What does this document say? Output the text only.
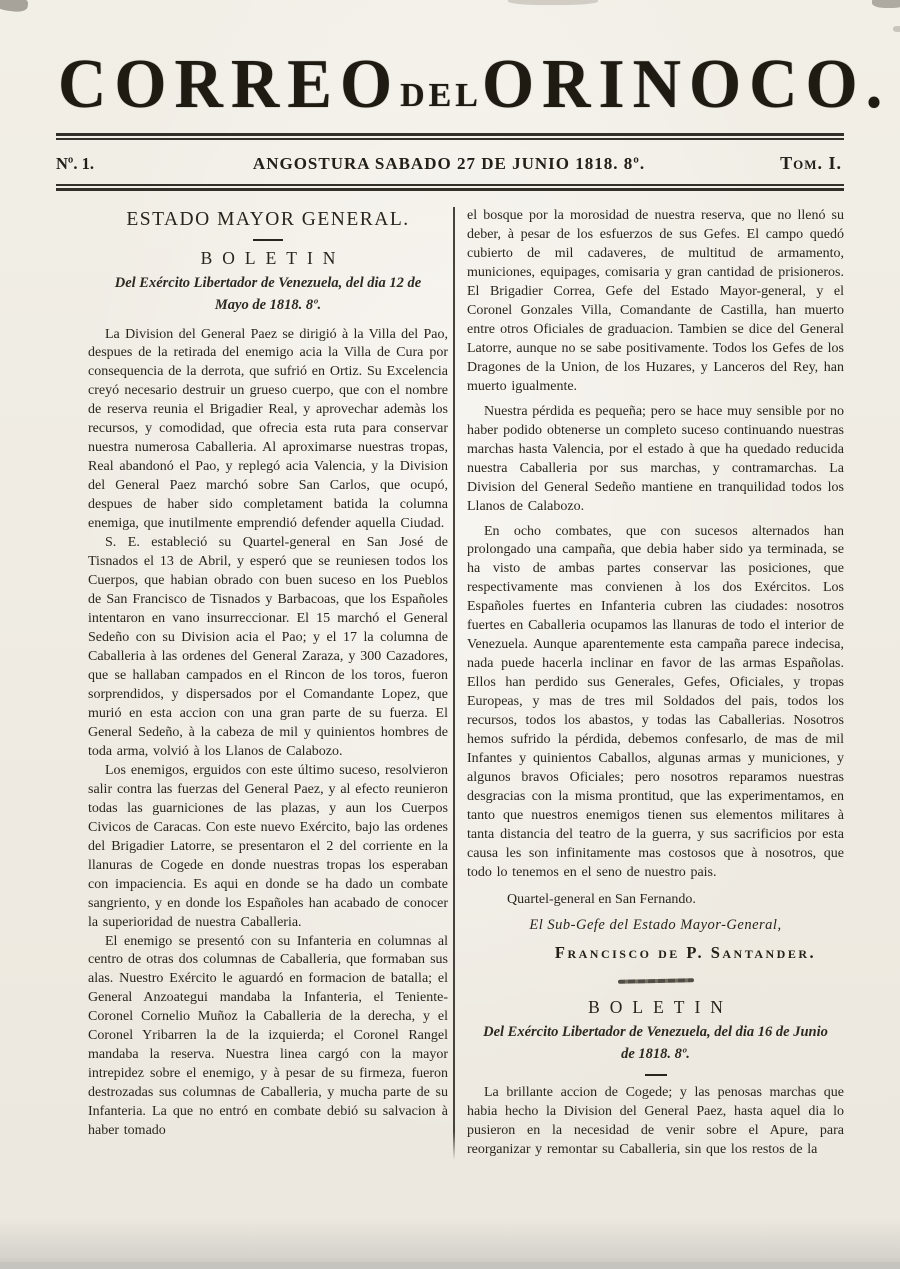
CORREO DEL ORINOCO.
Nº. 1.	ANGOSTURA SABADO 27 DE JUNIO 1818. 8º.	Tom. I.
ESTADO MAYOR GENERAL.
BOLETIN
Del Exército Libertador de Venezuela, del dia 12 de Mayo de 1818. 8º.

La Division del General Paez se dirigió à la Villa del Pao, despues de la retirada del enemigo acia la Villa de Cura por consequencia de la derrota, que sufrió en Ortiz. Su Excelencia creyó necesario destruir un grueso cuerpo, que con el nombre de reserva reunia el Brigadier Real, y aprovechar ademàs los recursos, y comodidad, que ofrecia esta ruta para conservar nuestra numerosa Caballeria. Al aproximarse nuestras tropas, Real abandonó el Pao, y replegó acia Valencia, y la Division del General Paez marchó sobre San Carlos, que ocupó, despues de haber sido completament batida la columna enemiga, que inutilmente emprendió defender aquella Ciudad.

S. E. estableció su Quartel-general en San José de Tisnados el 13 de Abril, y esperó que se reuniesen todos los Cuerpos, que habian obrado con buen suceso en los Pueblos de San Francisco de Tisnados y Barbacoas, que los Españoles intentaron en vano insurreccionar. El 15 marchó el General Sedeño con su Division acia el Pao; y el 17 la columna de Caballeria à las ordenes del General Zaraza, y 300 Cazadores, que se hallaban campados en el Rincon de los toros, fueron sorprendidos, y dispersados por el Comandante Lopez, que murió en esta accion con una gran parte de su fuerza. El General Sedeño, à la cabeza de mil y quinientos hombres de toda arma, volvió à los Llanos de Calabozo.

Los enemigos, erguidos con este último suceso, resolvieron salir contra las fuerzas del General Paez, y al efecto reunieron todas las guarniciones de las plazas, y aun los Cuerpos Civicos de Caracas. Con este nuevo Exército, bajo las ordenes del Brigadier Latorre, se presentaron el 2 del corriente en la llanuras de Cogede en donde nuestras tropas los esperaban con impaciencia. Es aqui en donde se ha dado un combate sangriento, y en donde los Españoles han acabado de conocer la superioridad de nuestra Caballeria.

El enemigo se presentó con su Infanteria en columnas al centro de otras dos columnas de Caballeria, que formaban sus alas. Nuestro Exército le aguardó en formacion de batalla; el General Anzoategui mandaba la Infanteria, el Teniente-Coronel Cornelio Muñoz la Caballeria de la derecha, y el Coronel Yribarren la de la izquierda; el Coronel Rangel mandaba la reserva. Nuestra linea cargó con la mayor intrepidez sobre el enemigo, y à pesar de su firmeza, fueron destrozadas sus columnas de Caballeria, y mucha parte de su Infanteria. La que no entró en combate debió su salvacion à haber tomado

el bosque por la morosidad de nuestra reserva, que no llenó su deber, à pesar de los esfuerzos de sus Gefes. El campo quedó cubierto de mil cadaveres, de multitud de armamento, municiones, equipages, comisaria y gran cantidad de prisioneros. El Brigadier Correa, Gefe del Estado Mayor-general, y el Coronel Gonzales Villa, Comandante de Castilla, han muerto entre otros Oficiales de graduacion. Tambien se dice del General Latorre, aunque no se sabe positivamente. Todos los Gefes de los Dragones de la Union, de los Huzares, y Lanceros del Rey, han muerto igualmente.

Nuestra pérdida es pequeña; pero se hace muy sensible por no haber podido obtenerse un completo suceso continuando nuestras marchas hasta Valencia, por el estado à que ha quedado reducida nuestra Caballeria por sus marchas, y contramarchas. La Division del General Sedeño mantiene en tranquilidad todos los Llanos de Calabozo.

En ocho combates, que con sucesos alternados han prolongado una campaña, que debia haber sido ya terminada, se ha visto de ambas partes conservar las posiciones, que respectivamente mas convienen à los dos Exércitos. Los Españoles fuertes en Infanteria cubren las ciudades: nosotros fuertes en Caballeria ocupamos las llanuras de todo el interior de Venezuela. Aunque aparentemente esta campaña parece indecisa, nada puede hacerla inclinar en favor de las armas Españolas. Ellos han perdido sus Generales, Gefes, Oficiales, y tropas Europeas, y mas de tres mil Soldados del pais, todos los recursos, todos los abastos, y todas las Caballerias. Nosotros hemos sufrido la pérdida, debemos confesarlo, de mas de mil Infantes y quinientos Caballos, algunas armas y municiones, y algunos bravos Oficiales; pero nosotros reparamos nuestras desgracias con la misma prontitud, que las experimentamos, en tanto que nuestros enemigos tienen sus elementos militares à tanta distancia del teatro de la guerra, y sus sacrificios por esta causa les son infinitamente mas costosos que à nosotros, que todo lo tenemos en el seno de nuestro pais.

Quartel-general en San Fernando.
El Sub-Gefe del Estado Mayor-General,
Francisco de P. Santander.
BOLETIN
Del Exército Libertador de Venezuela, del dia 16 de Junio de 1818. 8º.

La brillante accion de Cogede; y las penosas marchas que habia hecho la Division del General Paez, hasta aquel dia lo pusieron en la necesidad de venir sobre el Apure, para reorganizar y remontar su Caballeria, sin que los restos de la
